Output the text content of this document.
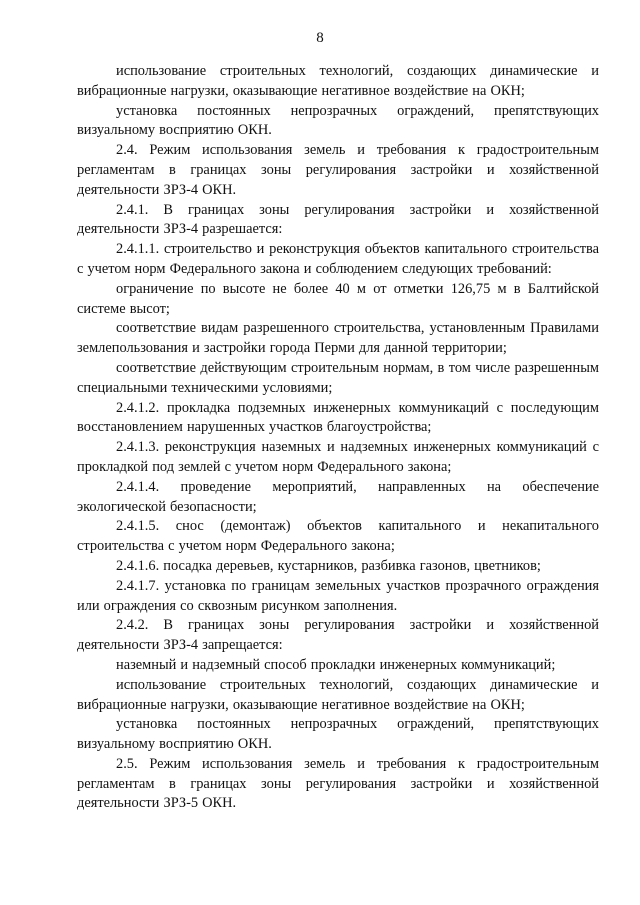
8

использование строительных технологий, создающих динамические и вибрационные нагрузки, оказывающие негативное воздействие на ОКН;

установка постоянных непрозрачных ограждений, препятствующих визуальному восприятию ОКН.

2.4. Режим использования земель и требования к градостроительным регламентам в границах зоны регулирования застройки и хозяйственной деятельности ЗРЗ-4 ОКН.

2.4.1. В границах зоны регулирования застройки и хозяйственной деятельности ЗРЗ-4 разрешается:

2.4.1.1. строительство и реконструкция объектов капитального строительства с учетом норм Федерального закона и соблюдением следующих требований:

ограничение по высоте не более 40 м от отметки 126,75 м в Балтийской системе высот;

соответствие видам разрешенного строительства, установленным Правилами землепользования и застройки города Перми для данной территории;

соответствие действующим строительным нормам, в том числе разрешенным специальными техническими условиями;

2.4.1.2. прокладка подземных инженерных коммуникаций с последующим восстановлением нарушенных участков благоустройства;

2.4.1.3. реконструкция наземных и надземных инженерных коммуникаций с прокладкой под землей с учетом норм Федерального закона;

2.4.1.4. проведение мероприятий, направленных на обеспечение экологической безопасности;

2.4.1.5. снос (демонтаж) объектов капитального и некапитального строительства с учетом норм Федерального закона;

2.4.1.6. посадка деревьев, кустарников, разбивка газонов, цветников;

2.4.1.7. установка по границам земельных участков прозрачного ограждения или ограждения со сквозным рисунком заполнения.

2.4.2. В границах зоны регулирования застройки и хозяйственной деятельности ЗРЗ-4 запрещается:

наземный и надземный способ прокладки инженерных коммуникаций;

использование строительных технологий, создающих динамические и вибрационные нагрузки, оказывающие негативное воздействие на ОКН;

установка постоянных непрозрачных ограждений, препятствующих визуальному восприятию ОКН.

2.5. Режим использования земель и требования к градостроительным регламентам в границах зоны регулирования застройки и хозяйственной деятельности ЗРЗ-5 ОКН.
